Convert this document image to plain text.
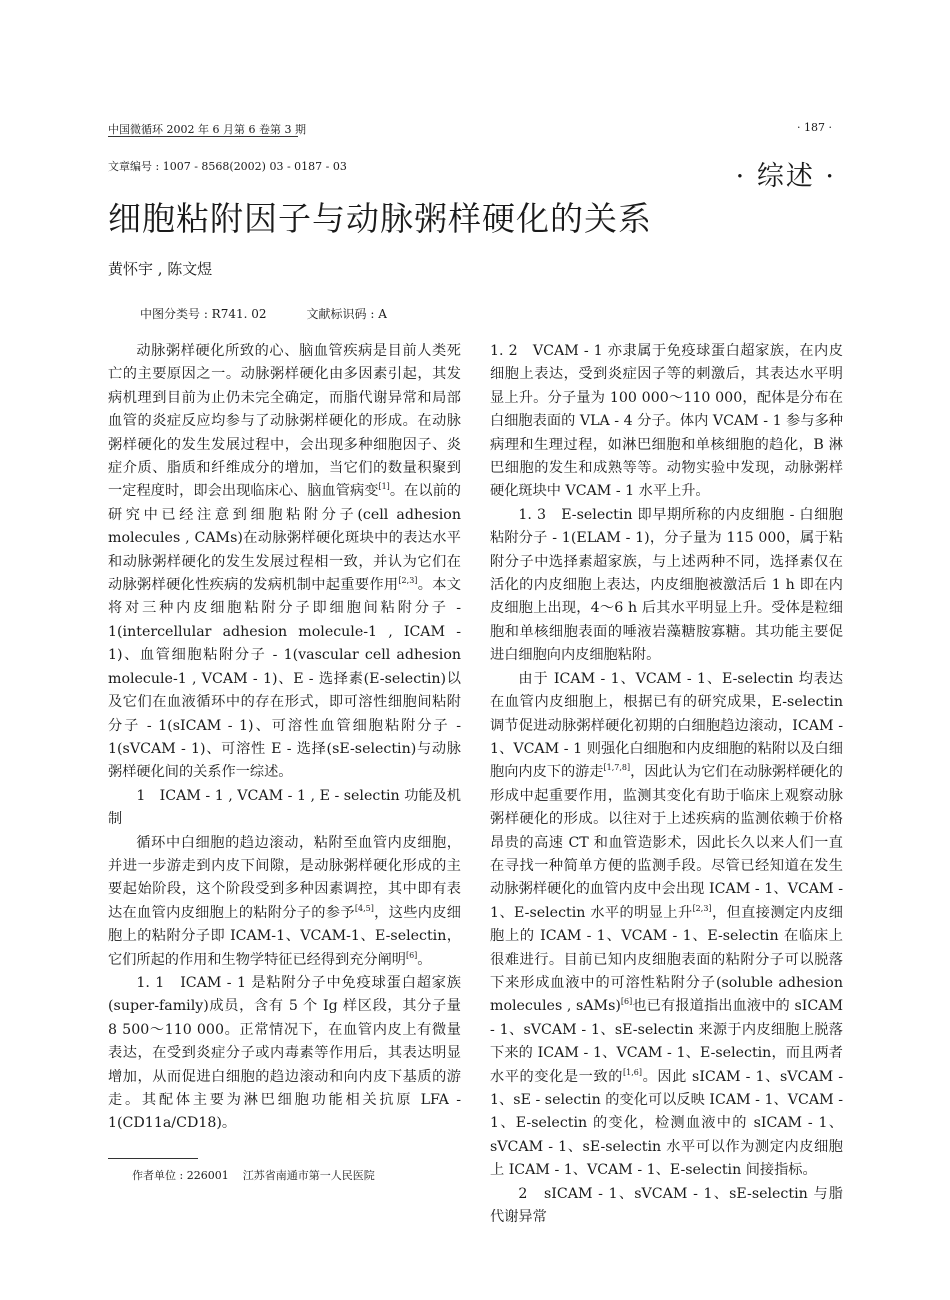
中国微循环 2002 年 6 月第 6 卷第 3 期	· 187 ·
文章编号 : 1007 - 8568(2002) 03 - 0187 - 03	· 综述 ·
细胞粘附因子与动脉粥样硬化的关系
黄怀宇 , 陈文煜
中图分类号 : R741. 02	文献标识码 : A

动脉粥样硬化所致的心、脑血管疾病是目前人类死亡的主要原因之一。动脉粥样硬化由多因素引起，其发病机理到目前为止仍未完全确定，而脂代谢异常和局部血管的炎症反应均参与了动脉粥样硬化的形成。在动脉粥样硬化的发生发展过程中，会出现多种细胞因子、炎症介质、脂质和纤维成分的增加，当它们的数量积聚到一定程度时，即会出现临床心、脑血管病变[1]。在以前的研究中已经注意到细胞粘附分子(cell adhesion molecules , CAMs)在动脉粥样硬化斑块中的表达水平和动脉粥样硬化的发生发展过程相一致，并认为它们在动脉粥样硬化性疾病的发病机制中起重要作用[2,3]。本文将对三种内皮细胞粘附分子即细胞间粘附分子 - 1(intercellular adhesion molecule-1 , ICAM - 1)、血管细胞粘附分子 - 1(vascular cell adhesion molecule-1 , VCAM - 1)、E - 选择素(E-selectin)以及它们在血液循环中的存在形式，即可溶性细胞间粘附分子 - 1(sICAM - 1)、可溶性血管细胞粘附分子 - 1(sVCAM - 1)、可溶性 E - 选择(sE-selectin)与动脉粥样硬化间的关系作一综述。

1　ICAM - 1 , VCAM - 1 , E - selectin 功能及机制

循环中白细胞的趋边滚动，粘附至血管内皮细胞，并进一步游走到内皮下间隙，是动脉粥样硬化形成的主要起始阶段，这个阶段受到多种因素调控，其中即有表达在血管内皮细胞上的粘附分子的参予[4,5]，这些内皮细胞上的粘附分子即 ICAM-1、VCAM-1、E-selectin，它们所起的作用和生物学特征已经得到充分阐明[6]。

1. 1　ICAM - 1 是粘附分子中免疫球蛋白超家族(super-family)成员，含有 5 个 Ig 样区段，其分子量 8 500～110 000。正常情况下，在血管内皮上有微量表达，在受到炎症分子或内毒素等作用后，其表达明显增加，从而促进白细胞的趋边滚动和向内皮下基质的游走。其配体主要为淋巴细胞功能相关抗原 LFA - 1(CD11a/CD18)。

作者单位 : 226001 江苏省南通市第一人民医院

1. 2　VCAM - 1 亦隶属于免疫球蛋白超家族，在内皮细胞上表达，受到炎症因子等的刺激后，其表达水平明显上升。分子量为 100 000～110 000，配体是分布在白细胞表面的 VLA - 4 分子。体内 VCAM - 1 参与多种病理和生理过程，如淋巴细胞和单核细胞的趋化，B 淋巴细胞的发生和成熟等等。动物实验中发现，动脉粥样硬化斑块中 VCAM - 1 水平上升。

1. 3　E-selectin 即早期所称的内皮细胞 - 白细胞粘附分子 - 1(ELAM - 1)，分子量为 115 000，属于粘附分子中选择素超家族，与上述两种不同，选择素仅在活化的内皮细胞上表达，内皮细胞被激活后 1 h 即在内皮细胞上出现，4～6 h 后其水平明显上升。受体是粒细胞和单核细胞表面的唾液岩藻糖胺寡糖。其功能主要促进白细胞向内皮细胞粘附。

由于 ICAM - 1、VCAM - 1、E-selectin 均表达在血管内皮细胞上，根据已有的研究成果，E-selectin 调节促进动脉粥样硬化初期的白细胞趋边滚动，ICAM - 1、VCAM - 1 则强化白细胞和内皮细胞的粘附以及白细胞向内皮下的游走[1,7,8]，因此认为它们在动脉粥样硬化的形成中起重要作用，监测其变化有助于临床上观察动脉粥样硬化的形成。以往对于上述疾病的监测依赖于价格昂贵的高速 CT 和血管造影术，因此长久以来人们一直在寻找一种简单方便的监测手段。尽管已经知道在发生动脉粥样硬化的血管内皮中会出现 ICAM - 1、VCAM - 1、E-selectin 水平的明显上升[2,3]，但直接测定内皮细胞上的 ICAM - 1、VCAM - 1、E-selectin 在临床上很难进行。目前已知内皮细胞表面的粘附分子可以脱落下来形成血液中的可溶性粘附分子(soluble adhesion molecules , sAMs)[6]也已有报道指出血液中的 sICAM - 1、sVCAM - 1、sE-selectin 来源于内皮细胞上脱落下来的 ICAM - 1、VCAM - 1、E-selectin，而且两者水平的变化是一致的[1,6]。因此 sICAM - 1、sVCAM - 1、sE - selectin 的变化可以反映 ICAM - 1、VCAM - 1、E-selectin 的变化，检测血液中的 sICAM - 1、sVCAM - 1、sE-selectin 水平可以作为测定内皮细胞上 ICAM - 1、VCAM - 1、E-selectin 间接指标。

2　sICAM - 1、sVCAM - 1、sE-selectin 与脂代谢异常
